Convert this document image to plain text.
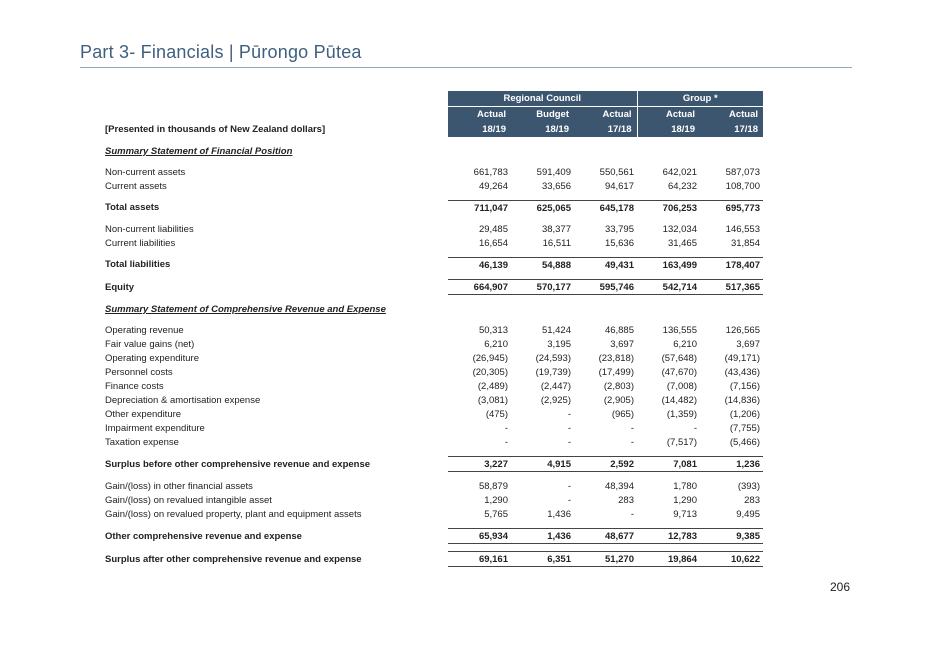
Part 3- Financials | Pūrongo Pūtea
	Regional Council			Group *	
	Actual	Budget	Actual	Actual	Actual
[Presented in thousands of New Zealand dollars]	18/19	18/19	17/18	18/19	17/18

Summary Statement of Financial Position					

Non-current assets	661,783	591,409	550,561	642,021	587,073
Current assets	49,264	33,656	94,617	64,232	108,700

Total assets	711,047	625,065	645,178	706,253	695,773

Non-current liabilities	29,485	38,377	33,795	132,034	146,553
Current liabilities	16,654	16,511	15,636	31,465	31,854

Total liabilities	46,139	54,888	49,431	163,499	178,407

Equity	664,907	570,177	595,746	542,714	517,365

Summary Statement of Comprehensive Revenue and Expense					

Operating revenue	50,313	51,424	46,885	136,555	126,565
Fair value gains (net)	6,210	3,195	3,697	6,210	3,697
Operating expenditure	(26,945)	(24,593)	(23,818)	(57,648)	(49,171)
Personnel costs	(20,305)	(19,739)	(17,499)	(47,670)	(43,436)
Finance costs	(2,489)	(2,447)	(2,803)	(7,008)	(7,156)
Depreciation & amortisation expense	(3,081)	(2,925)	(2,905)	(14,482)	(14,836)
Other expenditure	(475)	-	(965)	(1,359)	(1,206)
Impairment expenditure	-	-	-	-	(7,755)
Taxation expense	-	-	-	(7,517)	(5,466)

Surplus before other comprehensive revenue and expense	3,227	4,915	2,592	7,081	1,236

Gain/(loss) in other financial assets	58,879	-	48,394	1,780	(393)
Gain/(loss) on revalued intangible asset	1,290	-	283	1,290	283
Gain/(loss) on revalued property, plant and equipment assets	5,765	1,436	-	9,713	9,495

Other comprehensive revenue and expense	65,934	1,436	48,677	12,783	9,385

Surplus after other comprehensive revenue and expense	69,161	6,351	51,270	19,864	10,622
206
